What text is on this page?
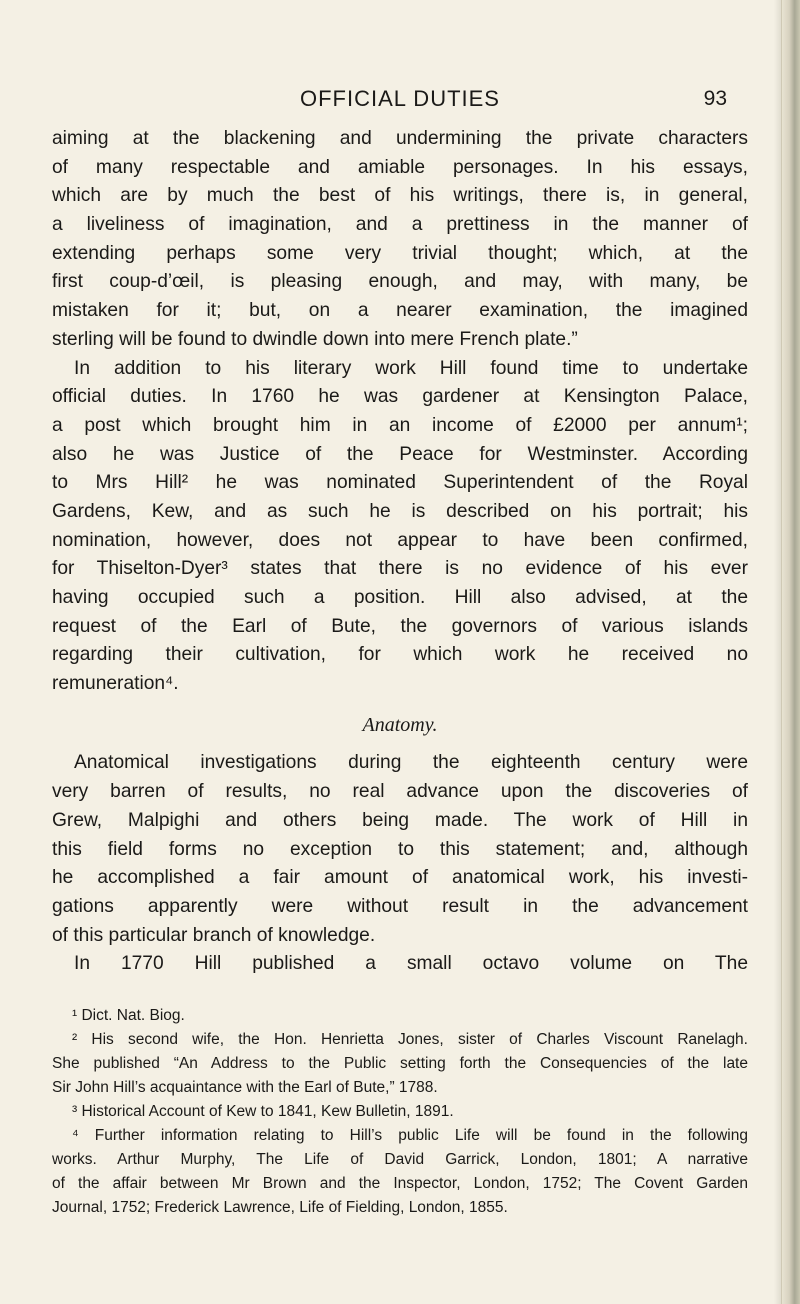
OFFICIAL DUTIES	93
aiming at the blackening and undermining the private characters
of many respectable and amiable personages. In his essays,
which are by much the best of his writings, there is, in general,
a liveliness of imagination, and a prettiness in the manner of
extending perhaps some very trivial thought; which, at the
first coup-d’œil, is pleasing enough, and may, with many, be
mistaken for it; but, on a nearer examination, the imagined
sterling will be found to dwindle down into mere French plate.”
In addition to his literary work Hill found time to undertake
official duties. In 1760 he was gardener at Kensington Palace,
a post which brought him in an income of £2000 per annum¹;
also he was Justice of the Peace for Westminster. According
to Mrs Hill² he was nominated Superintendent of the Royal
Gardens, Kew, and as such he is described on his portrait; his
nomination, however, does not appear to have been confirmed,
for Thiselton-Dyer³ states that there is no evidence of his ever
having occupied such a position. Hill also advised, at the
request of the Earl of Bute, the governors of various islands
regarding their cultivation, for which work he received no
remuneration⁴.
Anatomy.
Anatomical investigations during the eighteenth century were
very barren of results, no real advance upon the discoveries of
Grew, Malpighi and others being made. The work of Hill in
this field forms no exception to this statement; and, although
he accomplished a fair amount of anatomical work, his investi-
gations apparently were without result in the advancement
of this particular branch of knowledge.
In 1770 Hill published a small octavo volume on The
¹ Dict. Nat. Biog.
² His second wife, the Hon. Henrietta Jones, sister of Charles Viscount Ranelagh.
She published “An Address to the Public setting forth the Consequencies of the late
Sir John Hill’s acquaintance with the Earl of Bute,” 1788.
³ Historical Account of Kew to 1841, Kew Bulletin, 1891.
⁴ Further information relating to Hill’s public Life will be found in the following
works. Arthur Murphy, The Life of David Garrick, London, 1801; A narrative
of the affair between Mr Brown and the Inspector, London, 1752; The Covent Garden
Journal, 1752; Frederick Lawrence, Life of Fielding, London, 1855.
